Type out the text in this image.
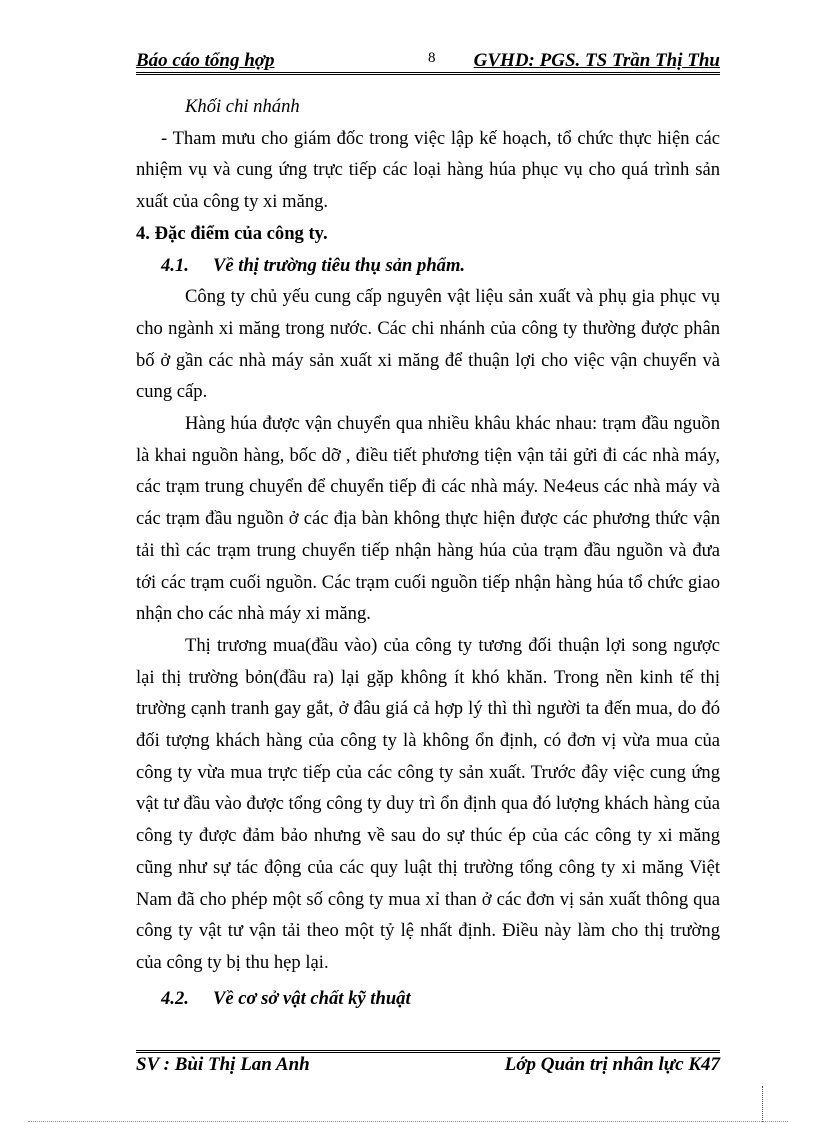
Báo cáo tổng hợp	8 GVHD: PGS. TS Trần Thị Thu

Khối chi nhánh

- Tham mưu cho giám đốc trong việc lập kế hoạch, tổ chức thực hiện các nhiệm vụ và cung ứng trực tiếp các loại hàng húa phục vụ cho quá trình sản xuất của công ty xi măng.

4. Đặc điểm của công ty.

4.1. Về thị trường tiêu thụ sản phẩm.

Công ty chủ yếu cung cấp nguyên vật liệu sản xuất và phụ gia phục vụ cho ngành xi măng trong nước. Các chi nhánh của công ty thường được phân bố ở gần các nhà máy sản xuất xi măng để thuận lợi cho việc vận chuyển và cung cấp.

Hàng húa được vận chuyển qua nhiều khâu khác nhau: trạm đầu nguồn là khai nguồn hàng, bốc dỡ , điều tiết phương tiện vận tải gửi đi các nhà máy, các trạm trung chuyển để chuyển tiếp đi các nhà máy. Ne4eus các nhà máy và các trạm đầu nguồn ở các địa bàn không thực hiện được các phương thức vận tải thì các trạm trung chuyển tiếp nhận hàng húa của trạm đầu nguồn và đưa tới các trạm cuối nguồn. Các trạm cuối nguồn tiếp nhận hàng húa tổ chức giao nhận cho các nhà máy xi măng.

Thị trương mua(đầu vào) của công ty tương đối thuận lợi song ngược lại thị trường bỏn(đầu ra) lại gặp không ít khó khăn. Trong nền kinh tế thị trường cạnh tranh gay gắt, ở đâu giá cả hợp lý thì thì người ta đến mua, do đó đối tượng khách hàng của công ty là không ổn định, có đơn vị vừa mua của công ty vừa mua trực tiếp của các công ty sản xuất. Trước đây việc cung ứng vật tư đầu vào được tổng công ty duy trì ổn định qua đó lượng khách hàng của công ty được đảm bảo nhưng về sau do sự thúc ép của các công ty xi măng cũng như sự tác động của các quy luật thị trường tổng công ty xi măng Việt Nam đã cho phép một số công ty mua xỉ than ở các đơn vị sản xuất thông qua công ty vật tư vận tải theo một tỷ lệ nhất định. Điều này làm cho thị trường của công ty bị thu hẹp lại.

4.2. Về cơ sở vật chất kỹ thuật

SV : Bùi Thị Lan Anh	Lớp Quản trị nhân lực K47
